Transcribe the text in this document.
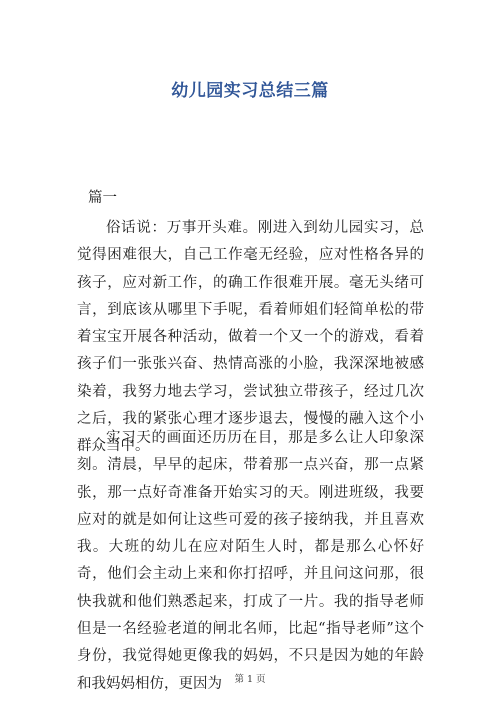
幼儿园实习总结三篇
篇一

俗话说：万事开头难。刚进入到幼儿园实习，总觉得困难很大，自己工作毫无经验，应对性格各异的孩子，应对新工作，的确工作很难开展。毫无头绪可言，到底该从哪里下手呢，看着师姐们轻简单松的带着宝宝开展各种活动，做着一个又一个的游戏，看着孩子们一张张兴奋、热情高涨的小脸，我深深地被感染着，我努力地去学习，尝试独立带孩子，经过几次之后，我的紧张心理才逐步退去，慢慢的融入这个小群众当中。

实习天的画面还历历在目，那是多么让人印象深刻。清晨，早早的起床，带着那一点兴奋，那一点紧张，那一点好奇准备开始实习的天。刚进班级，我要应对的就是如何让这些可爱的孩子接纳我，并且喜欢我。大班的幼儿在应对陌生人时，都是那么心怀好奇，他们会主动上来和你打招呼，并且问这问那，很快我就和他们熟悉起来，打成了一片。我的指导老师但是一名经验老道的闸北名师，比起“指导老师”这个身份，我觉得她更像我的妈妈，不只是因为她的年龄和我妈妈相仿，更因为	第 1 页
